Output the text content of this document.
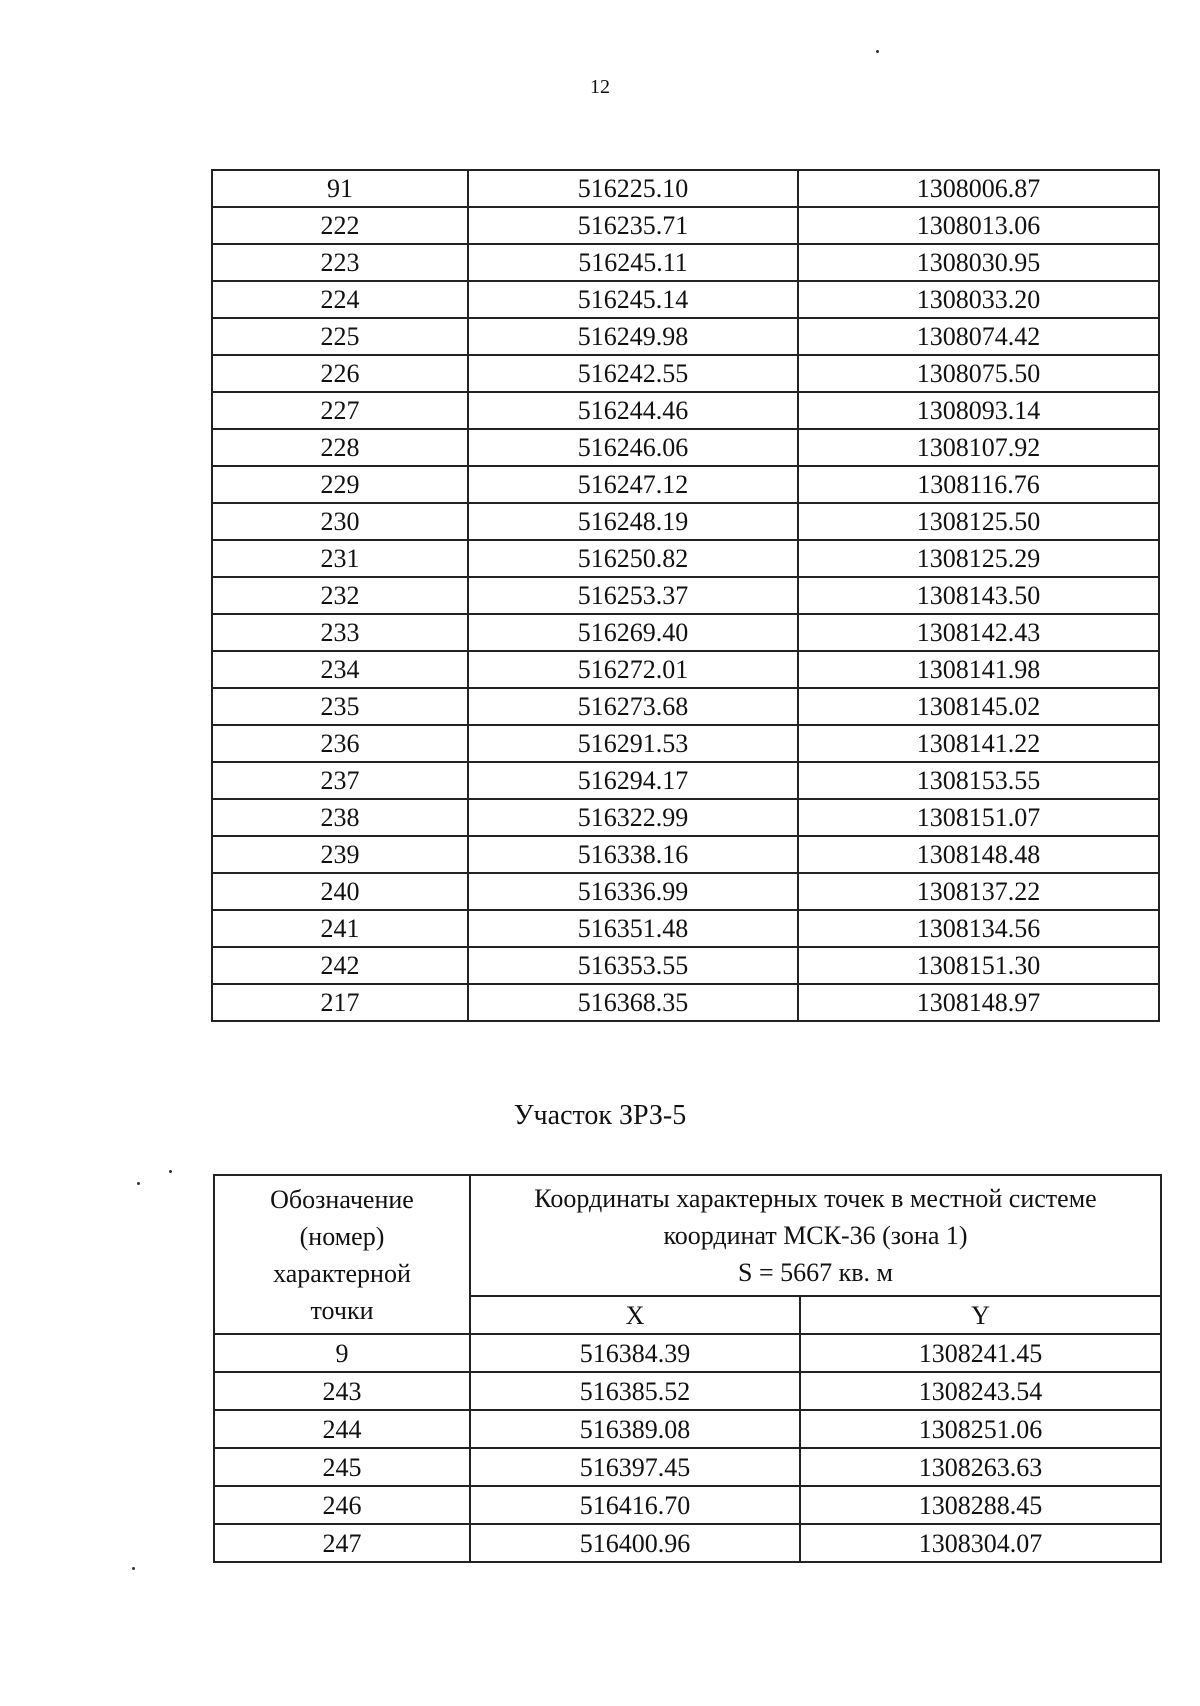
12
91	516225.10	1308006.87
222	516235.71	1308013.06
223	516245.11	1308030.95
224	516245.14	1308033.20
225	516249.98	1308074.42
226	516242.55	1308075.50
227	516244.46	1308093.14
228	516246.06	1308107.92
229	516247.12	1308116.76
230	516248.19	1308125.50
231	516250.82	1308125.29
232	516253.37	1308143.50
233	516269.40	1308142.43
234	516272.01	1308141.98
235	516273.68	1308145.02
236	516291.53	1308141.22
237	516294.17	1308153.55
238	516322.99	1308151.07
239	516338.16	1308148.48
240	516336.99	1308137.22
241	516351.48	1308134.56
242	516353.55	1308151.30
217	516368.35	1308148.97
Участок ЗРЗ-5
Обозначение
(номер)
характерной
точки	Координаты характерных точек в местной системе
координат МСК-36 (зона 1)
S = 5667 кв. м	
	X	Y
9	516384.39	1308241.45
243	516385.52	1308243.54
244	516389.08	1308251.06
245	516397.45	1308263.63
246	516416.70	1308288.45
247	516400.96	1308304.07
